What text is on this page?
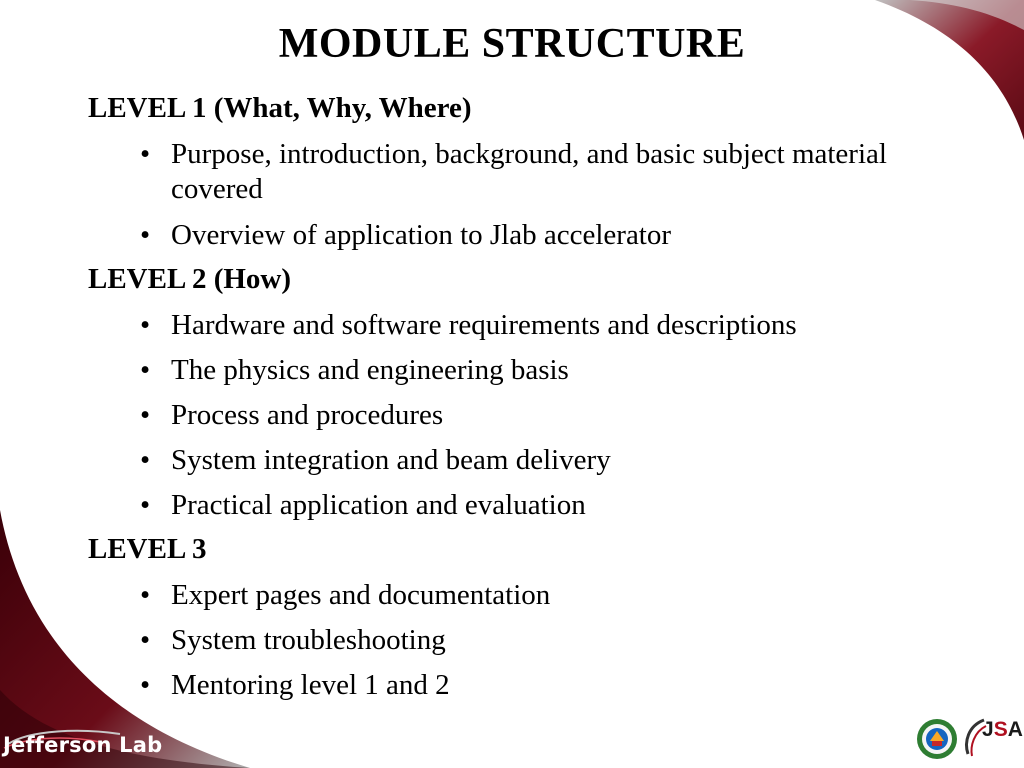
MODULE STRUCTURE
LEVEL 1 (What, Why, Where)
• Purpose, introduction, background, and basic subject material covered
• Overview of application to Jlab accelerator
LEVEL 2 (How)
• Hardware and software requirements and descriptions
• The physics and engineering basis
• Process and procedures
• System integration and beam delivery
• Practical application and evaluation
LEVEL 3
• Expert pages and documentation
• System troubleshooting
• Mentoring level 1 and 2
Jefferson Lab
JSA
